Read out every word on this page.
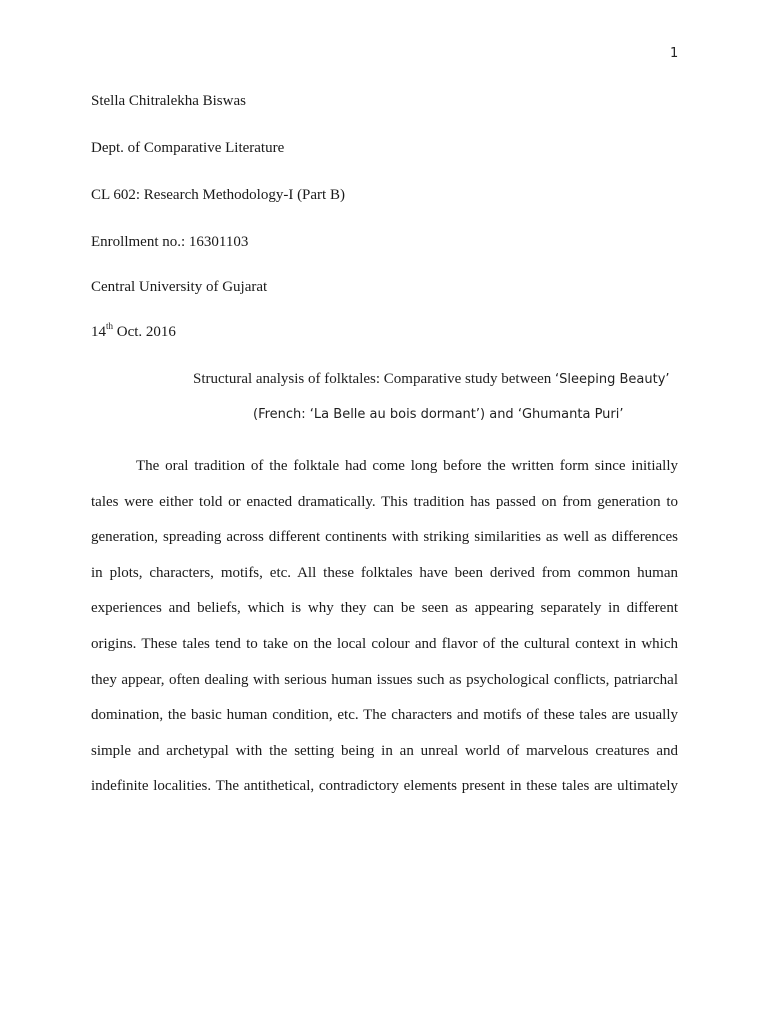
1
Stella Chitralekha Biswas
Dept. of Comparative Literature
CL 602: Research Methodology-I (Part B)
Enrollment no.: 16301103
Central University of Gujarat
14th Oct. 2016
Structural analysis of folktales: Comparative study between ‘Sleeping Beauty’
(French: ‘La Belle au bois dormant’) and ‘Ghumanta Puri’
The oral tradition of the folktale had come long before the written form since initially
tales were either told or enacted dramatically. This tradition has passed on from generation to
generation, spreading across different continents with striking similarities as well as differences
in plots, characters, motifs, etc. All these folktales have been derived from common human
experiences and beliefs, which is why they can be seen as appearing separately in different
origins. These tales tend to take on the local colour and flavor of the cultural context in which
they appear, often dealing with serious human issues such as psychological conflicts, patriarchal
domination, the basic human condition, etc. The characters and motifs of these tales are usually
simple and archetypal with the setting being in an unreal world of marvelous creatures and
indefinite localities. The antithetical, contradictory elements present in these tales are ultimately
